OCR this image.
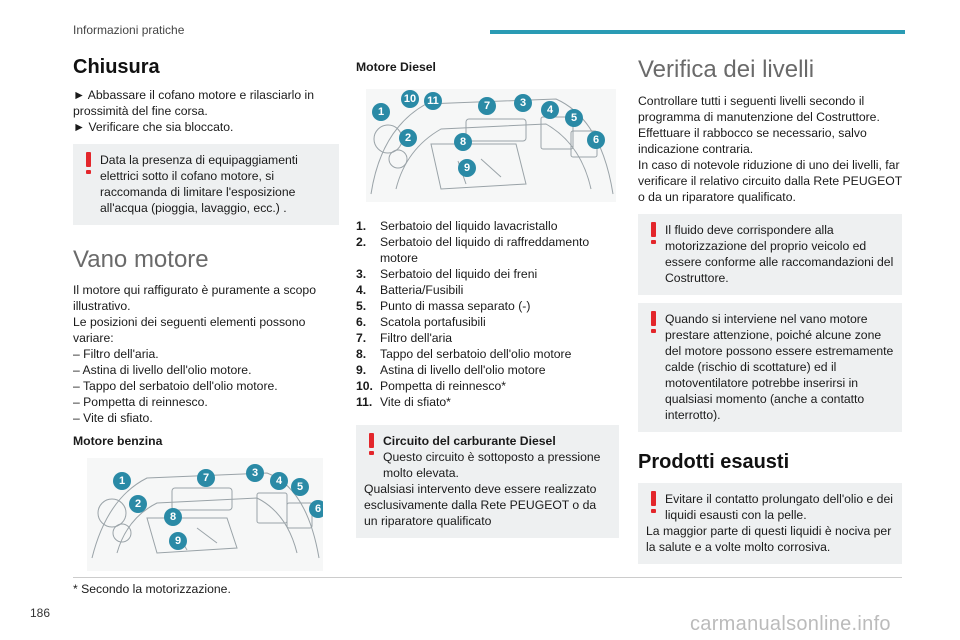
Informazioni pratiche
Chiusura

► Abbassare il cofano motore e rilasciarlo in prossimità del fine corsa.

► Verificare che sia bloccato.

Data la presenza di equipaggiamenti elettrici sotto il cofano motore, si raccomanda di limitare l'esposizione all'acqua (pioggia, lavaggio, ecc.) .
Vano motore

Il motore qui raffigurato è puramente a scopo illustrativo.

Le posizioni dei seguenti elementi possono variare:

– Filtro dell'aria.

– Astina di livello dell'olio motore.

– Tappo del serbatoio dell'olio motore.

– Pompetta di reinnesco.

– Vite di sfiato.

Motore benzina

1
2
3
4	5
6
7
8
9

Motore Diesel

1
2
3
4
5
6
7
8
9
10 11
1.	Serbatoio del liquido lavacristallo
2.	Serbatoio del liquido di raffreddamento motore
3.	Serbatoio del liquido dei freni
4.	Batteria/Fusibili
5.	Punto di massa separato (-)
6.	Scatola portafusibili
7.	Filtro dell'aria
8.	Tappo del serbatoio dell'olio motore
9.	Astina di livello dell'olio motore
10. Pompetta di reinnesco*
11. Vite di sfiato*
Circuito del carburante Diesel
Questo circuito è sottoposto a pressione molto elevata.
Qualsiasi intervento deve essere realizzato esclusivamente dalla Rete PEUGEOT o da un riparatore qualificato
Verifica dei livelli

Controllare tutti i seguenti livelli secondo il programma di manutenzione del Costruttore. Effettuare il rabbocco se necessario, salvo indicazione contraria.

In caso di notevole riduzione di uno dei livelli, far verificare il relativo circuito dalla Rete PEUGEOT o da un riparatore qualificato.

Il fluido deve corrispondere alla motorizzazione del proprio veicolo ed essere conforme alle raccomandazioni del Costruttore.
Quando si interviene nel vano motore prestare attenzione, poiché alcune zone del motore possono essere estremamente calde (rischio di scottature) ed il motoventilatore potrebbe inserirsi in qualsiasi momento (anche a contatto interrotto).
Prodotti esausti
Evitare il contatto prolungato dell'olio e dei liquidi esausti con la pelle.
La maggior parte di questi liquidi è nociva per la salute e a volte molto corrosiva.
* Secondo la motorizzazione.
186	carmanualsonline.info
